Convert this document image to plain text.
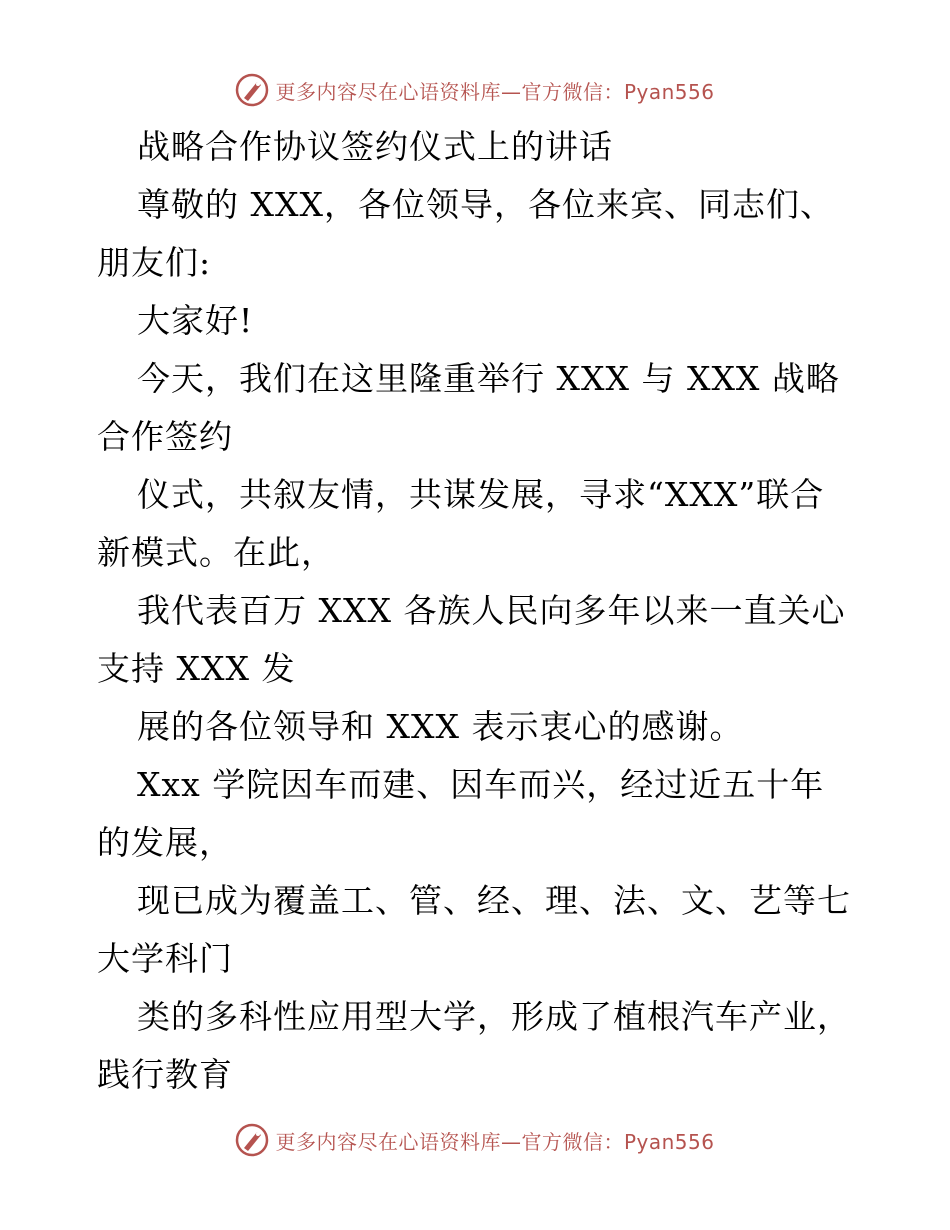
更多内容尽在心语资料库—官方微信：Pyan556

战略合作协议签约仪式上的讲话

尊敬的 XXX，各位领导，各位来宾、同志们、朋友们:

大家好!

今天，我们在这里隆重举行 XXX 与 XXX 战略合作签约

仪式，共叙友情，共谋发展，寻求“XXX”联合新模式。在此，

我代表百万 XXX 各族人民向多年以来一直关心支持 XXX 发

展的各位领导和 XXX 表示衷心的感谢。

Xxx 学院因车而建、因车而兴，经过近五十年的发展，

现已成为覆盖工、管、经、理、法、文、艺等七大学科门

类的多科性应用型大学，形成了植根汽车产业，践行教育

更多内容尽在心语资料库—官方微信：Pyan556
